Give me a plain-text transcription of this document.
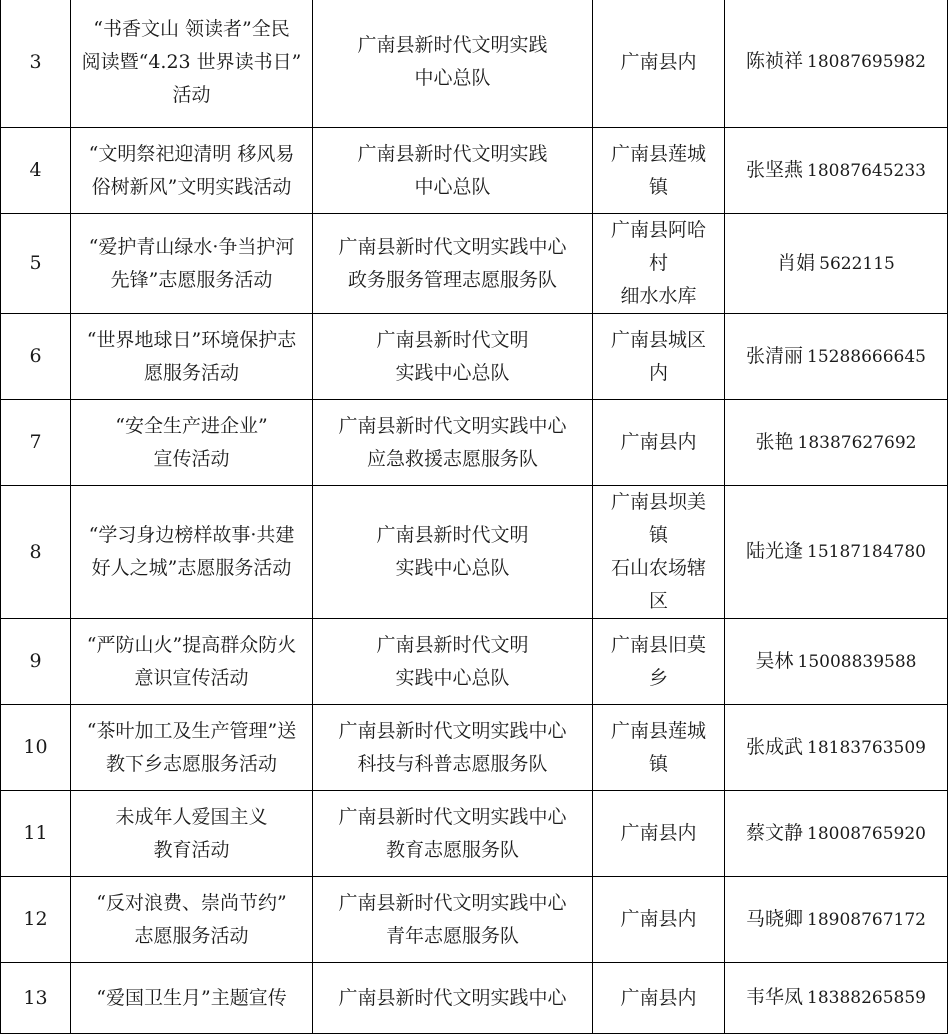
3	“书香文山 领读者”全民
阅读暨“4.23 世界读书日”
活动	广南县新时代文明实践
中心总队	广南县内	陈祯祥 18087695982
4	“文明祭祀迎清明 移风易
俗树新风”文明实践活动	广南县新时代文明实践
中心总队	广南县莲城镇	张坚燕 18087645233
5	“爱护青山绿水·争当护河
先锋”志愿服务活动	广南县新时代文明实践中心
政务服务管理志愿服务队	广南县阿哈村
细水水库	肖娟 5622115
6	“世界地球日”环境保护志
愿服务活动	广南县新时代文明
实践中心总队	广南县城区内	张清丽 15288666645
7	“安全生产进企业”
宣传活动	广南县新时代文明实践中心
应急救援志愿服务队	广南县内	张艳 18387627692
8	“学习身边榜样故事·共建
好人之城”志愿服务活动	广南县新时代文明
实践中心总队	广南县坝美镇
石山农场辖区	陆光逢 15187184780
9	“严防山火”提高群众防火
意识宣传活动	广南县新时代文明
实践中心总队	广南县旧莫乡	吴林 15008839588
10	“茶叶加工及生产管理”送
教下乡志愿服务活动	广南县新时代文明实践中心
科技与科普志愿服务队	广南县莲城镇	张成武 18183763509
11	未成年人爱国主义
教育活动	广南县新时代文明实践中心
教育志愿服务队	广南县内	蔡文静 18008765920
12	“反对浪费、崇尚节约”
志愿服务活动	广南县新时代文明实践中心
青年志愿服务队	广南县内	马晓卿 18908767172
13	“爱国卫生月”主题宣传	广南县新时代文明实践中心	广南县内	韦华凤 18388265859
